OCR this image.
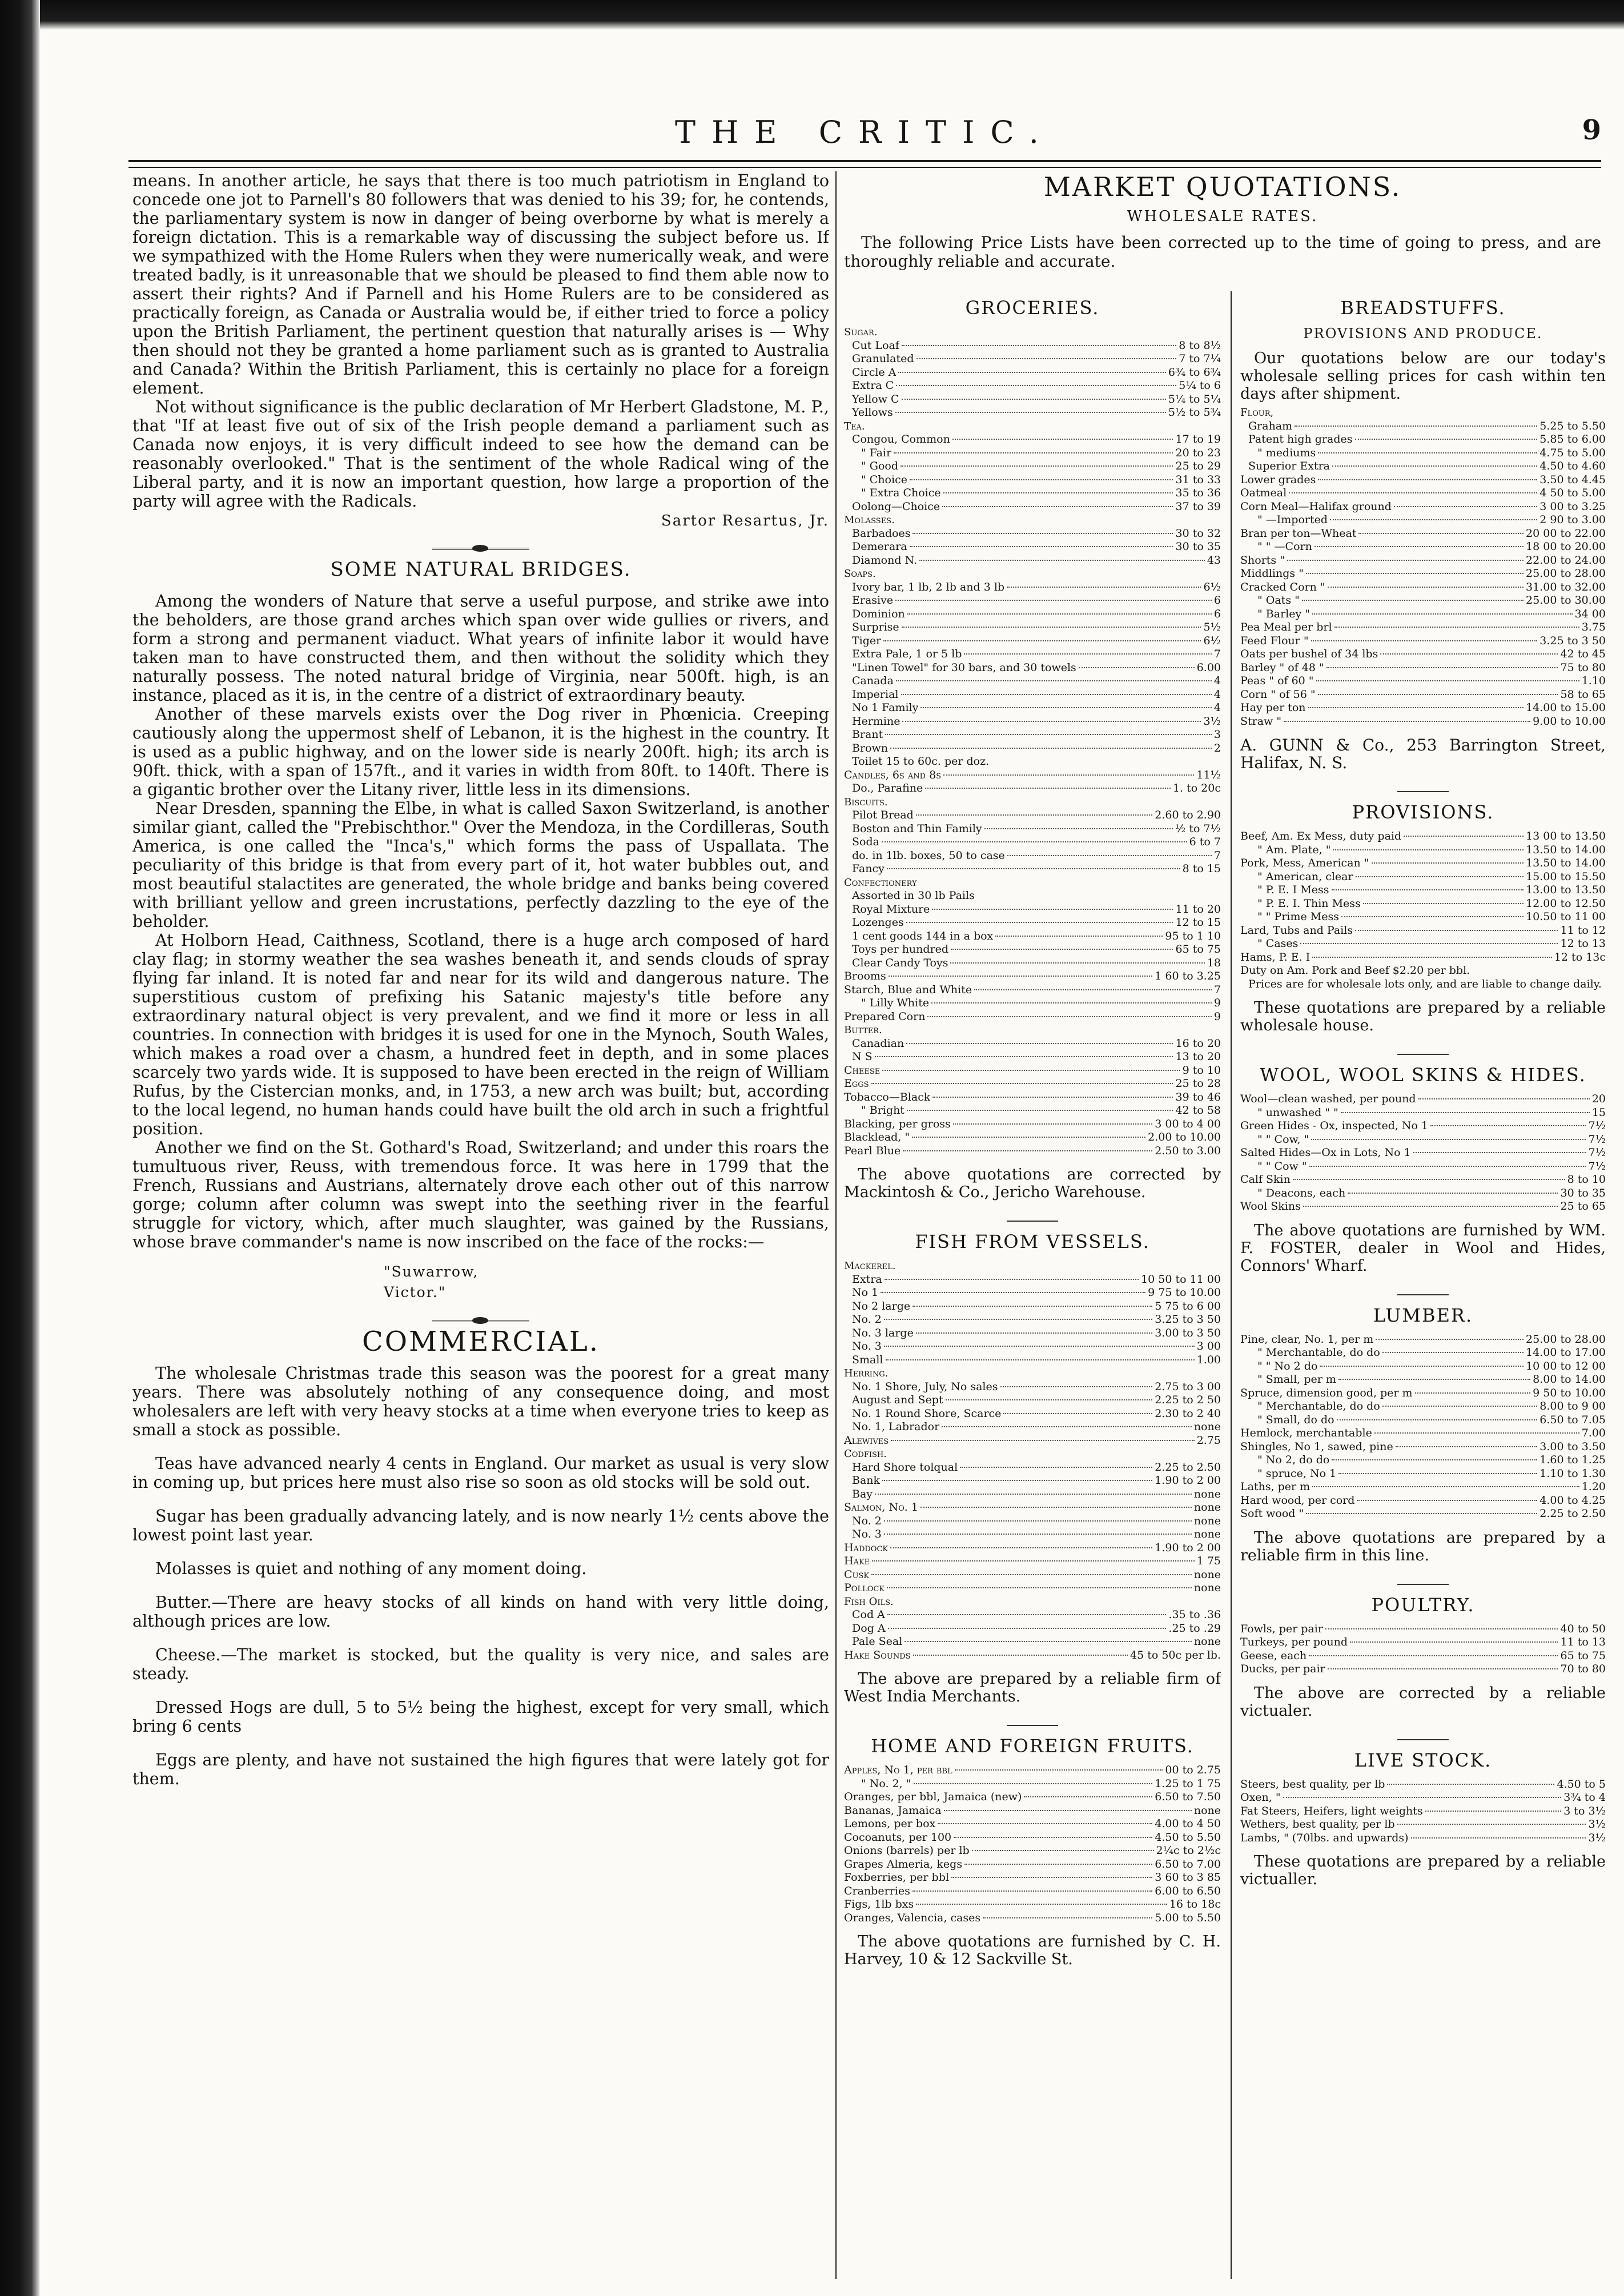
THE CRITIC.	9

means. In another article, he says that there is too much patriotism in England to concede one jot to Parnell's 80 followers that was denied to his 39; for, he contends, the parliamentary system is now in danger of being overborne by what is merely a foreign dictation. This is a remarkable way of discussing the subject before us. If we sympathized with the Home Rulers when they were numerically weak, and were treated badly, is it unreasonable that we should be pleased to find them able now to assert their rights? And if Parnell and his Home Rulers are to be considered as practically foreign, as Canada or Australia would be, if either tried to force a policy upon the British Parliament, the pertinent question that naturally arises is — Why then should not they be granted a home parliament such as is granted to Australia and Canada? Within the British Parliament, this is certainly no place for a foreign element.

Not without significance is the public declaration of Mr Herbert Gladstone, M. P., that "If at least five out of six of the Irish people demand a parliament such as Canada now enjoys, it is very difficult indeed to see how the demand can be reasonably overlooked." That is the sentiment of the whole Radical wing of the Liberal party, and it is now an important question, how large a proportion of the party will agree with the Radicals.

Sartor Resartus, Jr.
SOME NATURAL BRIDGES.

Among the wonders of Nature that serve a useful purpose, and strike awe into the beholders, are those grand arches which span over wide gullies or rivers, and form a strong and permanent viaduct. What years of infinite labor it would have taken man to have constructed them, and then without the solidity which they naturally possess. The noted natural bridge of Virginia, near 500ft. high, is an instance, placed as it is, in the centre of a district of extraordinary beauty.

Another of these marvels exists over the Dog river in Phœnicia. Creeping cautiously along the uppermost shelf of Lebanon, it is the highest in the country. It is used as a public highway, and on the lower side is nearly 200ft. high; its arch is 90ft. thick, with a span of 157ft., and it varies in width from 80ft. to 140ft. There is a gigantic brother over the Litany river, little less in its dimensions.

Near Dresden, spanning the Elbe, in what is called Saxon Switzerland, is another similar giant, called the "Prebischthor." Over the Mendoza, in the Cordilleras, South America, is one called the "Inca's," which forms the pass of Uspallata. The peculiarity of this bridge is that from every part of it, hot water bubbles out, and most beautiful stalactites are generated, the whole bridge and banks being covered with brilliant yellow and green incrustations, perfectly dazzling to the eye of the beholder.

At Holborn Head, Caithness, Scotland, there is a huge arch composed of hard clay flag; in stormy weather the sea washes beneath it, and sends clouds of spray flying far inland. It is noted far and near for its wild and dangerous nature. The superstitious custom of prefixing his Satanic majesty's title before any extraordinary natural object is very prevalent, and we find it more or less in all countries. In connection with bridges it is used for one in the Mynoch, South Wales, which makes a road over a chasm, a hundred feet in depth, and in some places scarcely two yards wide. It is supposed to have been erected in the reign of William Rufus, by the Cistercian monks, and, in 1753, a new arch was built; but, according to the local legend, no human hands could have built the old arch in such a frightful position.

Another we find on the St. Gothard's Road, Switzerland; and under this roars the tumultuous river, Reuss, with tremendous force. It was here in 1799 that the French, Russians and Austrians, alternately drove each other out of this narrow gorge; column after column was swept into the seething river in the fearful struggle for victory, which, after much slaughter, was gained by the Russians, whose brave commander's name is now inscribed on the face of the rocks:—

"Suwarrow,
Victor."
COMMERCIAL.

The wholesale Christmas trade this season was the poorest for a great many years. There was absolutely nothing of any consequence doing, and most wholesalers are left with very heavy stocks at a time when everyone tries to keep as small a stock as possible.

Teas have advanced nearly 4 cents in England. Our market as usual is very slow in coming up, but prices here must also rise so soon as old stocks will be sold out.

Sugar has been gradually advancing lately, and is now nearly 1½ cents above the lowest point last year.

Molasses is quiet and nothing of any moment doing.

Butter.—There are heavy stocks of all kinds on hand with very little doing, although prices are low.

Cheese.—The market is stocked, but the quality is very nice, and sales are steady.

Dressed Hogs are dull, 5 to 5½ being the highest, except for very small, which bring 6 cents

Eggs are plenty, and have not sustained the high figures that were lately got for them.

MARKET QUOTATIONS.
WHOLESALE RATES.
The following Price Lists have been corrected up to the time of going to press, and are thoroughly reliable and accurate.
GROCERIES.
Sugar.
Cut Loaf	8 to 8½
Granulated	7 to 7¼
Circle A	6¾ to 6¾
Extra C	5¼ to 6
Yellow C	5¼ to 5¼
Yellows	5½ to 5¾
Tea.
Congou, Common	17 to 19
" Fair	20 to 23
" Good	25 to 29
" Choice	31 to 33
" Extra Choice	35 to 36
Oolong—Choice	37 to 39
Molasses.
Barbadoes	30 to 32
Demerara	30 to 35
Diamond N.	43
Soaps.
Ivory bar, 1 lb, 2 lb and 3 lb	6½
Erasive	6
Dominion	6
Surprise	5½
Tiger	6½
Extra Pale, 1 or 5 lb	7
"Linen Towel" for 30 bars, and 30 towels	6.00
Canada	4
Imperial	4
No 1 Family	4
Hermine	3½
Brant	3
Brown	2
Toilet 15 to 60c. per doz.
Candles, 6s and 8s	11½
Do., Parafine	1. to 20c
Biscuits.
Pilot Bread	2.60 to 2.90
Boston and Thin Family	½ to 7½
Soda	6 to 7
do. in 1lb. boxes, 50 to case	7
Fancy	8 to 15
Confectionery
Assorted in 30 lb Pails
Royal Mixture	11 to 20
Lozenges	12 to 15
1 cent goods 144 in a box	95 to 1 10
Toys per hundred	65 to 75
Clear Candy Toys	18
Brooms	1 60 to 3.25
Starch, Blue and White	7
" Lilly White	9
Prepared Corn	9
Butter.
Canadian	16 to 20
N S	13 to 20
Cheese	9 to 10
Eggs	25 to 28
Tobacco—Black	39 to 46
" Bright	42 to 58
Blacking, per gross	3 00 to 4 00
Blacklead, "	2.00 to 10.00
Pearl Blue	2.50 to 3.00
The above quotations are corrected by Mackintosh & Co., Jericho Warehouse.
FISH FROM VESSELS.
Mackerel.
Extra	10 50 to 11 00
No 1	9 75 to 10.00
No 2 large	5 75 to 6 00
No. 2	3.25 to 3 50
No. 3 large	3.00 to 3 50
No. 3	3 00
Small	1.00
Herring.
No. 1 Shore, July, No sales	2.75 to 3 00
August and Sept	2.25 to 2 50
No. 1 Round Shore, Scarce	2.30 to 2 40
No. 1, Labrador	none
Alewives	2.75
Codfish.
Hard Shore tolqual	2.25 to 2.50
Bank	1.90 to 2 00
Bay	none
Salmon, No. 1	none
No. 2	none
No. 3	none
Haddock	1.90 to 2 00
Hake	1 75
Cusk	none
Pollock	none
Fish Oils.
Cod A	.35 to .36
Dog A	.25 to .29
Pale Seal	none
Hake Sounds	45 to 50c per lb.
The above are prepared by a reliable firm of West India Merchants.
HOME AND FOREIGN FRUITS.
Apples, No 1, per bbl	00 to 2.75
" No. 2, "	1.25 to 1 75
Oranges, per bbl, Jamaica (new)	6.50 to 7.50
Bananas, Jamaica	none
Lemons, per box	4.00 to 4 50
Cocoanuts, per 100	4.50 to 5.50
Onions (barrels) per lb	2¼c to 2½c
Grapes Almeria, kegs	6.50 to 7.00
Foxberries, per bbl	3 60 to 3 85
Cranberries	6.00 to 6.50
Figs, 1lb bxs	16 to 18c
Oranges, Valencia, cases	5.00 to 5.50
The above quotations are furnished by C. H. Harvey, 10 & 12 Sackville St.
BREADSTUFFS.
PROVISIONS AND PRODUCE.
Our quotations below are our today's wholesale selling prices for cash within ten days after shipment.
Flour,
Graham	5.25 to 5.50
Patent high grades	5.85 to 6.00
" mediums	4.75 to 5.00
Superior Extra	4.50 to 4.60
Lower grades	3.50 to 4.45
Oatmeal	4 50 to 5.00
Corn Meal—Halifax ground	3 00 to 3.25
" —Imported	2 90 to 3.00
Bran per ton—Wheat	20 00 to 22.00
" " —Corn	18 00 to 20.00
Shorts "	22.00 to 24.00
Middlings "	25.00 to 28.00
Cracked Corn "	31.00 to 32.00
" Oats "	25.00 to 30.00
" Barley "	34 00
Pea Meal per brl	3.75
Feed Flour "	3.25 to 3 50
Oats per bushel of 34 lbs	42 to 45
Barley " of 48 "	75 to 80
Peas " of 60 "	1.10
Corn " of 56 "	58 to 65
Hay per ton	14.00 to 15.00
Straw "	9.00 to 10.00
A. GUNN & Co., 253 Barrington Street, Halifax, N. S.
PROVISIONS.
Beef, Am. Ex Mess, duty paid	13 00 to 13.50
" Am. Plate, "	13.50 to 14.00
Pork, Mess, American "	13.50 to 14.00
" American, clear	15.00 to 15.50
" P. E. I Mess	13.00 to 13.50
" P. E. I. Thin Mess	12.00 to 12.50
" " Prime Mess	10.50 to 11 00
Lard, Tubs and Pails	11 to 12
" Cases	12 to 13
Hams, P. E. I	12 to 13c
Duty on Am. Pork and Beef $2.20 per bbl.
Prices are for wholesale lots only, and are liable to change daily.
These quotations are prepared by a reliable wholesale house.
WOOL, WOOL SKINS & HIDES.
Wool—clean washed, per pound	20
" unwashed " "	15
Green Hides - Ox, inspected, No 1	7½
" " Cow, "	7½
Salted Hides—Ox in Lots, No 1	7½
" " Cow "	7½
Calf Skin	8 to 10
" Deacons, each	30 to 35
Wool Skins	25 to 65
The above quotations are furnished by WM. F. FOSTER, dealer in Wool and Hides, Connors' Wharf.
LUMBER.
Pine, clear, No. 1, per m	25.00 to 28.00
" Merchantable, do do	14.00 to 17.00
" " No 2 do	10 00 to 12 00
" Small, per m	8.00 to 14.00
Spruce, dimension good, per m	9 50 to 10.00
" Merchantable, do do	8.00 to 9 00
" Small, do do	6.50 to 7.05
Hemlock, merchantable	7.00
Shingles, No 1, sawed, pine	3.00 to 3.50
" No 2, do do	1.60 to 1.25
" spruce, No 1	1.10 to 1.30
Laths, per m	1.20
Hard wood, per cord	4.00 to 4.25
Soft wood "	2.25 to 2.50
The above quotations are prepared by a reliable firm in this line.
POULTRY.
Fowls, per pair	40 to 50
Turkeys, per pound	11 to 13
Geese, each	65 to 75
Ducks, per pair	70 to 80
The above are corrected by a reliable victualer.
LIVE STOCK.
Steers, best quality, per lb	4.50 to 5
Oxen, "	3¾ to 4
Fat Steers, Heifers, light weights	3 to 3½
Wethers, best quality, per lb	3½
Lambs, " (70lbs. and upwards)	3½
These quotations are prepared by a reliable victualler.
